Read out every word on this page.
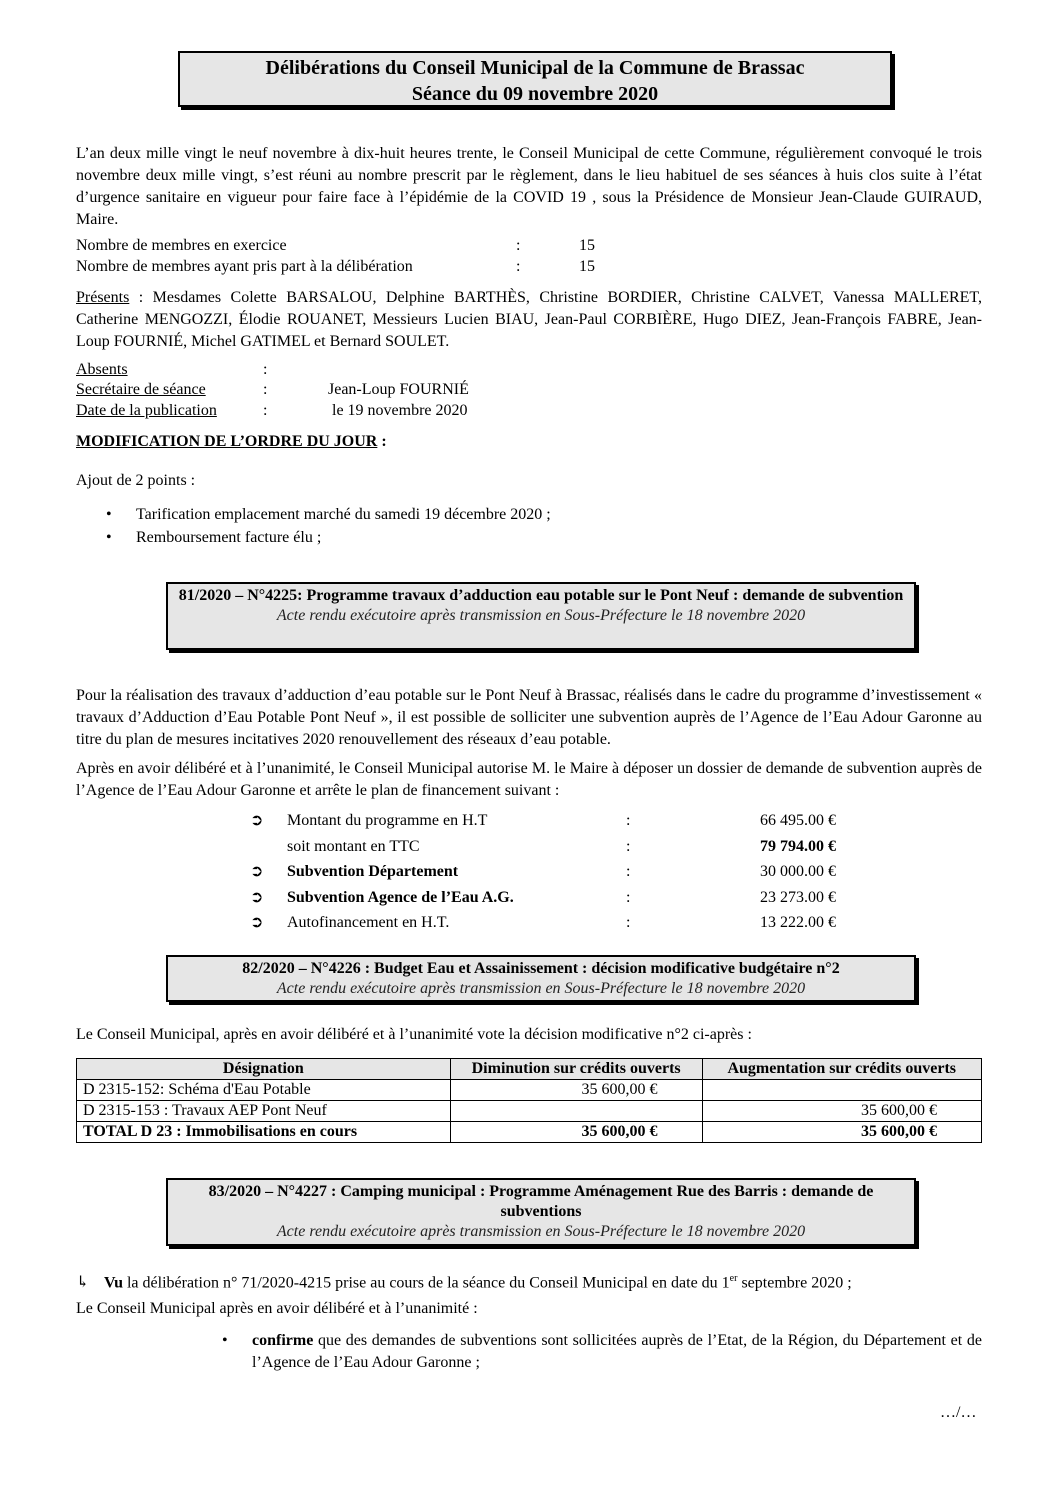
Délibérations du Conseil Municipal de la Commune de Brassac
Séance du 09 novembre 2020
L’an deux mille vingt le neuf novembre à dix-huit heures trente, le Conseil Municipal de cette Commune, régulièrement convoqué le trois novembre deux mille vingt, s’est réuni au nombre prescrit par le règlement, dans le lieu habituel de ses séances à huis clos suite à l’état d’urgence sanitaire en vigueur pour faire face à l’épidémie de la COVID 19 , sous la Présidence de Monsieur Jean-Claude GUIRAUD, Maire.
Nombre de membres en exercice	:	15
Nombre de membres ayant pris part à la délibération	:	15
Présents : Mesdames Colette BARSALOU, Delphine BARTHÈS, Christine BORDIER, Christine CALVET, Vanessa MALLERET, Catherine MENGOZZI, Élodie ROUANET, Messieurs Lucien BIAU, Jean-Paul CORBIÈRE, Hugo DIEZ, Jean-François FABRE, Jean-Loup FOURNIÉ, Michel GATIMEL et Bernard SOULET.
Absents	:
Secrétaire de séance	:	Jean-Loup FOURNIÉ
Date de la publication	:	le 19 novembre 2020
MODIFICATION DE L’ORDRE DU JOUR :
Ajout de 2 points :
• Tarification emplacement marché du samedi 19 décembre 2020 ;
• Remboursement facture élu ;
81/2020 – N°4225: Programme travaux d’adduction eau potable sur le Pont Neuf : demande de subvention
Acte rendu exécutoire après transmission en Sous-Préfecture le 18 novembre 2020
Pour la réalisation des travaux d’adduction d’eau potable sur le Pont Neuf à Brassac, réalisés dans le cadre du programme d’investissement « travaux d’Adduction d’Eau Potable Pont Neuf », il est possible de solliciter une subvention auprès de l’Agence de l’Eau Adour Garonne au titre du plan de mesures incitatives 2020 renouvellement des réseaux d’eau potable.
Après en avoir délibéré et à l’unanimité, le Conseil Municipal autorise M. le Maire à déposer un dossier de demande de subvention auprès de l’Agence de l’Eau Adour Garonne et arrête le plan de financement suivant :
➲	Montant du programme en H.T	:	66 495.00 €
soit montant en TTC	:	79 794.00 €
➲	Subvention Département	:	30 000.00 €
➲	Subvention Agence de l’Eau A.G.	:	23 273.00 €
➲	Autofinancement en H.T.	:	13 222.00 €
82/2020 – N°4226 : Budget Eau et Assainissement : décision modificative budgétaire n°2
Acte rendu exécutoire après transmission en Sous-Préfecture le 18 novembre 2020
Le Conseil Municipal, après en avoir délibéré et à l’unanimité vote la décision modificative n°2 ci-après :
Désignation	Diminution sur crédits ouverts	Augmentation sur crédits ouverts
D 2315-152: Schéma d'Eau Potable	35 600,00 €	
D 2315-153 : Travaux AEP Pont Neuf		35 600,00 €
TOTAL D 23 : Immobilisations en cours	35 600,00 €	35 600,00 €
83/2020 – N°4227 : Camping municipal : Programme Aménagement Rue des Barris : demande de subventions
Acte rendu exécutoire après transmission en Sous-Préfecture le 18 novembre 2020
↳ Vu la délibération n° 71/2020-4215 prise au cours de la séance du Conseil Municipal en date du 1er septembre 2020 ;
Le Conseil Municipal après en avoir délibéré et à l’unanimité :
• confirme que des demandes de subventions sont sollicitées auprès de l’Etat, de la Région, du Département et de l’Agence de l’Eau Adour Garonne ;
…/…
